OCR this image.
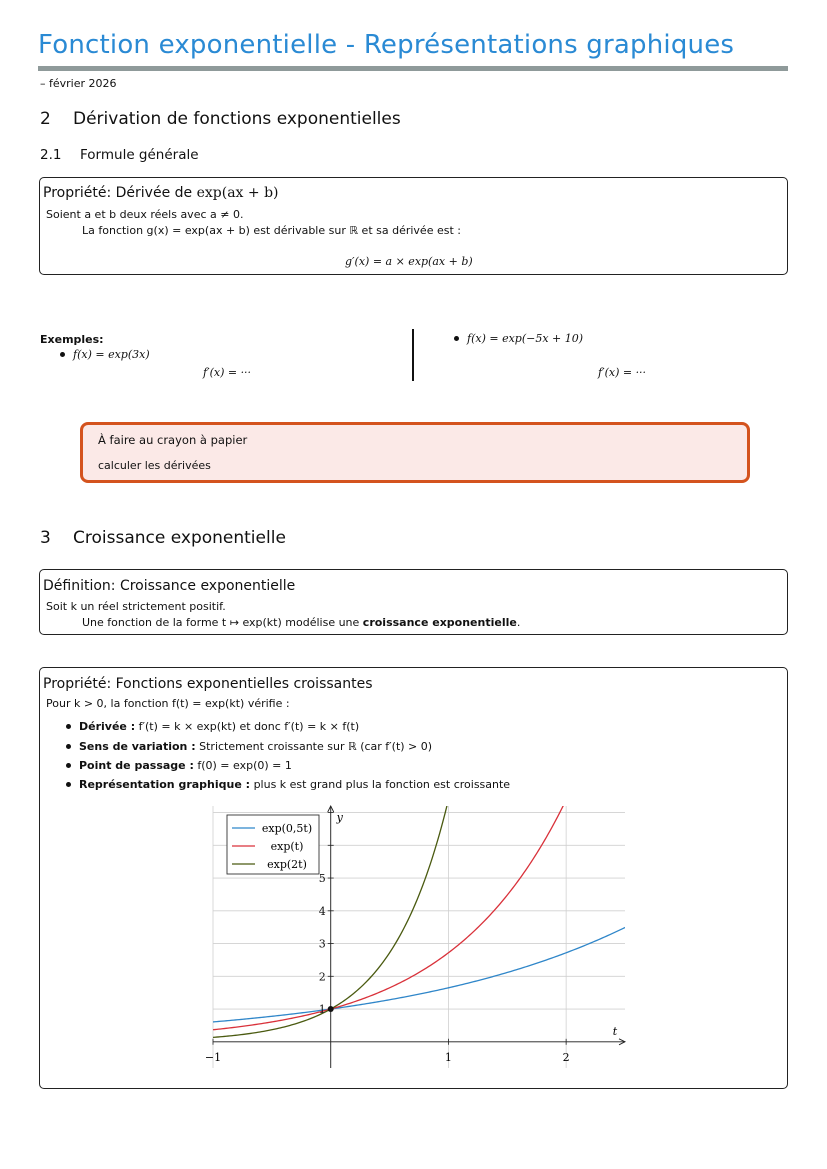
Fonction exponentielle - Représentations graphiques
– février 2026
2 Dérivation de fonctions exponentielles
2.1 Formule générale
Propriété: Dérivée de exp(ax + b)
Soient a et b deux réels avec a ≠ 0.
La fonction g(x) = exp(ax + b) est dérivable sur ℝ et sa dérivée est :
g′(x) = a × exp(ax + b)
Exemples:
f(x) = exp(3x)
f′(x) = ···
f(x) = exp(−5x + 10)
f′(x) = ···
À faire au crayon à papier
calculer les dérivées
3 Croissance exponentielle
Définition: Croissance exponentielle
Soit k un réel strictement positif.
Une fonction de la forme t ↦ exp(kt) modélise une croissance exponentielle.
Propriété: Fonctions exponentielles croissantes
Pour k > 0, la fonction f(t) = exp(kt) vérifie :
Dérivée : f′(t) = k × exp(kt) et donc f′(t) = k × f(t)
Sens de variation : Strictement croissante sur ℝ (car f′(t) > 0)
Point de passage : f(0) = exp(0) = 1
Représentation graphique : plus k est grand plus la fonction est croissante
−1	1	2
1
2
3
4
5
t
y
exp(0,5t)
exp(t)
exp(2t)
